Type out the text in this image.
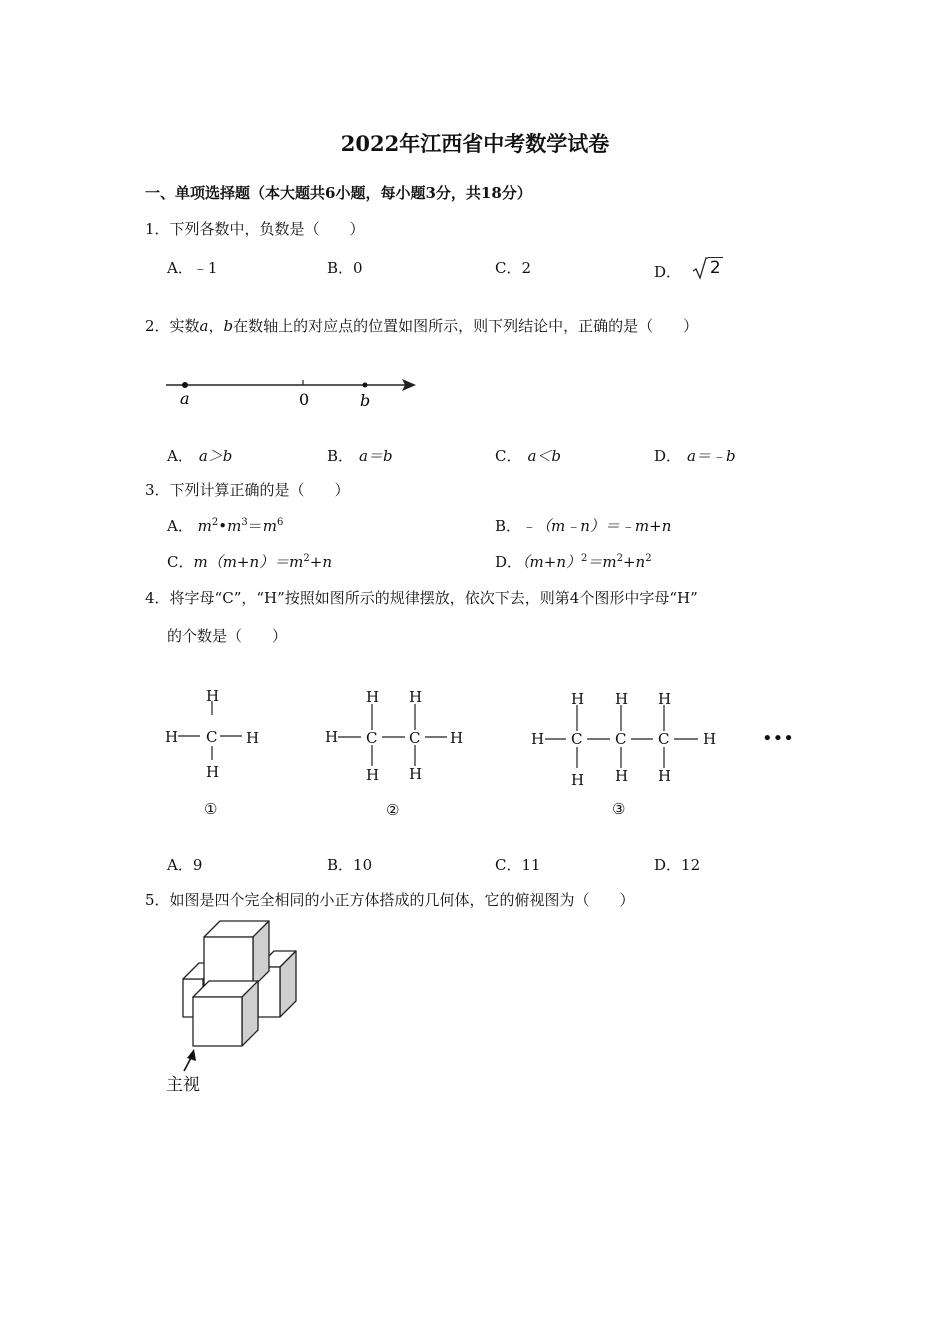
2022年江西省中考数学试卷
一、单项选择题（本大题共6小题，每小题3分，共18分）
1．下列各数中，负数是（　　）
A．﹣1	B．0	C．2	D． 2
2．实数a，b在数轴上的对应点的位置如图所示，则下列结论中，正确的是（　　）
a	0	b
A． a＞b	B． a＝b	C． a＜b	D． a＝﹣b
3．下列计算正确的是（　　）
A． $m^2•m^3=m^6$	B．﹣（m﹣n）＝﹣m+n
C．$m(m+n)=m^2+n$	D．$(m+n)^2=m^2+n^2$
4．将字母“C”，“H”按照如图所示的规律摆放，依次下去，则第4个图形中字母“H”
的个数是（　　）
H
H C H
H
①
H H
H C C H
H H
②
H H H
H C C C H
H H H
③
•••
A．9	B．10	C．11	D．12
5．如图是四个完全相同的小正方体搭成的几何体，它的俯视图为（　　）
主视
